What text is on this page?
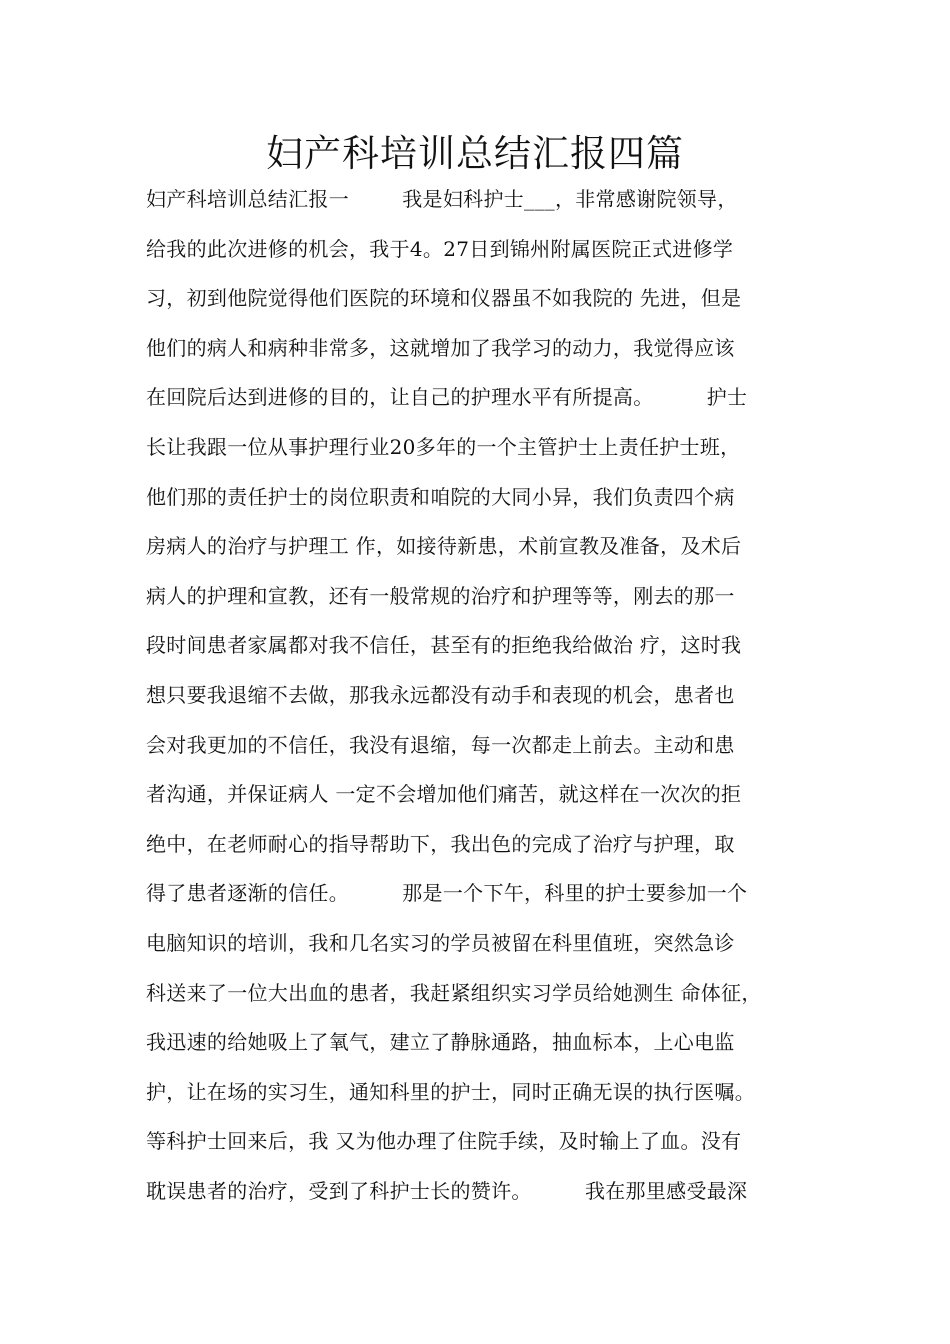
妇产科培训总结汇报四篇
妇产科培训总结汇报一        我是妇科护士___，非常感谢院领导，
给我的此次进修的机会，我于4。27日到锦州附属医院正式进修学
习，初到他院觉得他们医院的环境和仪器虽不如我院的 先进，但是
他们的病人和病种非常多，这就增加了我学习的动力，我觉得应该
在回院后达到进修的目的，让自己的护理水平有所提高。        护士
长让我跟一位从事护理行业20多年的一个主管护士上责任护士班，
他们那的责任护士的岗位职责和咱院的大同小异，我们负责四个病
房病人的治疗与护理工 作，如接待新患，术前宣教及准备，及术后
病人的护理和宣教，还有一般常规的治疗和护理等等，刚去的那一
段时间患者家属都对我不信任，甚至有的拒绝我给做治 疗，这时我
想只要我退缩不去做，那我永远都没有动手和表现的机会，患者也
会对我更加的不信任，我没有退缩，每一次都走上前去。主动和患
者沟通，并保证病人 一定不会增加他们痛苦，就这样在一次次的拒
绝中，在老师耐心的指导帮助下，我出色的完成了治疗与护理，取
得了患者逐渐的信任。        那是一个下午，科里的护士要参加一个
电脑知识的培训，我和几名实习的学员被留在科里值班，突然急诊
科送来了一位大出血的患者，我赶紧组织实习学员给她测生 命体征，
我迅速的给她吸上了氧气，建立了静脉通路，抽血标本，上心电监
护，让在场的实习生，通知科里的护士，同时正确无误的执行医嘱。
等科护士回来后，我 又为他办理了住院手续，及时输上了血。没有
耽误患者的治疗，受到了科护士长的赞许。        我在那里感受最深
